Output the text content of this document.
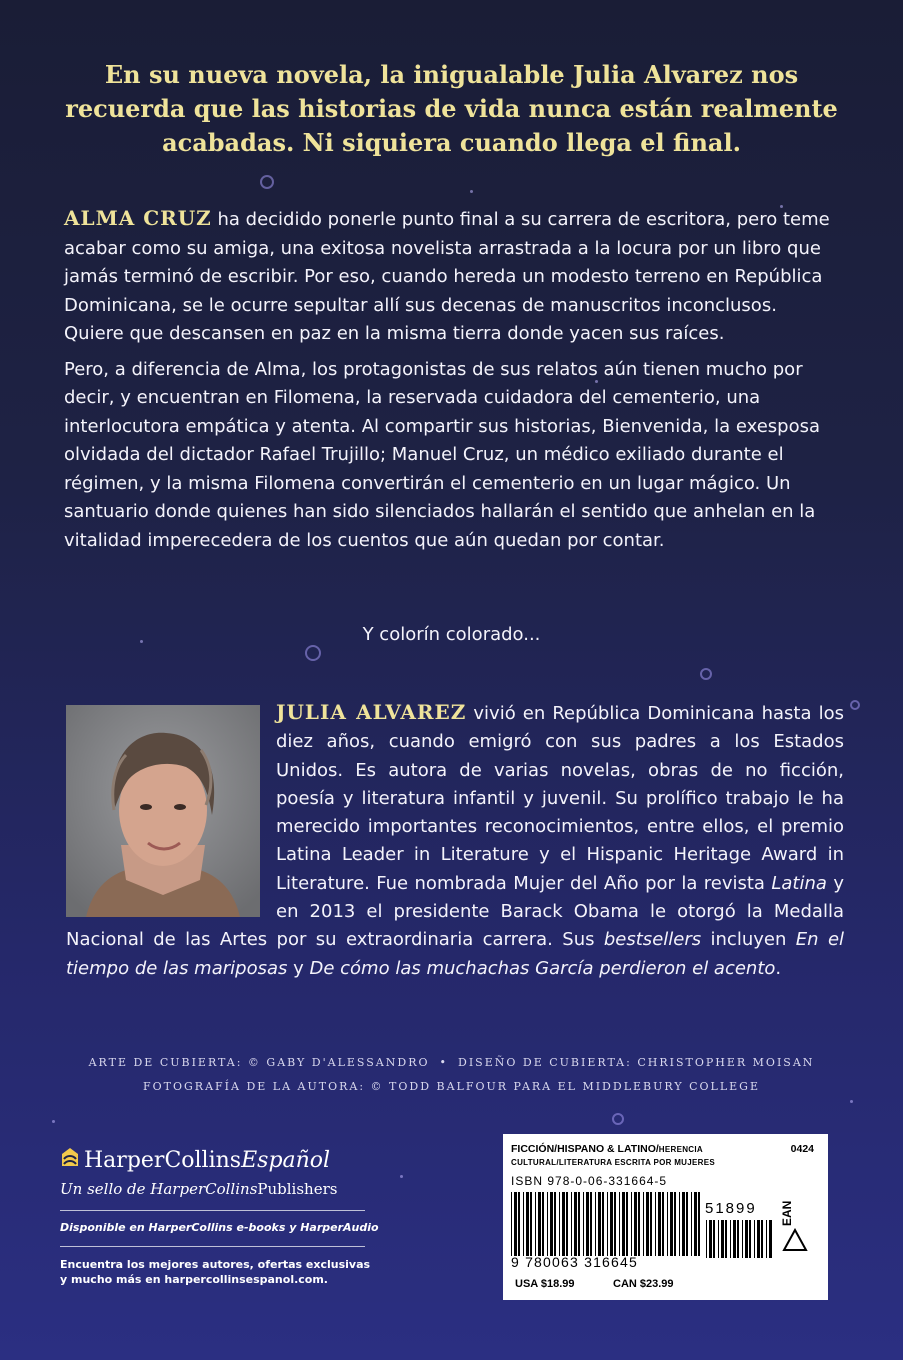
En su nueva novela, la inigualable Julia Alvarez nos recuerda que las historias de vida nunca están realmente acabadas. Ni siquiera cuando llega el final.

ALMA CRUZ ha decidido ponerle punto final a su carrera de escritora, pero teme acabar como su amiga, una exitosa novelista arrastrada a la locura por un libro que jamás terminó de escribir. Por eso, cuando hereda un modesto terreno en República Dominicana, se le ocurre sepultar allí sus decenas de manuscritos inconclusos. Quiere que descansen en paz en la misma tierra donde yacen sus raíces.

Pero, a diferencia de Alma, los protagonistas de sus relatos aún tienen mucho por decir, y encuentran en Filomena, la reservada cuidadora del cementerio, una interlocutora empática y atenta. Al compartir sus historias, Bienvenida, la exesposa olvidada del dictador Rafael Trujillo; Manuel Cruz, un médico exiliado durante el régimen, y la misma Filomena convertirán el cementerio en un lugar mágico. Un santuario donde quienes han sido silenciados hallarán el sentido que anhelan en la vitalidad imperecedera de los cuentos que aún quedan por contar.

Y colorín colorado...
JULIA ALVAREZ vivió en República Dominicana hasta los diez años, cuando emigró con sus padres a los Estados Unidos. Es autora de varias novelas, obras de no ficción, poesía y literatura infantil y juvenil. Su prolífico trabajo le ha merecido importantes reconocimientos, entre ellos, el premio Latina Leader in Literature y el Hispanic Heritage Award in Literature. Fue nombrada Mujer del Año por la revista Latina y en 2013 el presidente Barack Obama le otorgó la Medalla Nacional de las Artes por su extraordinaria carrera. Sus bestsellers incluyen En el tiempo de las mariposas y De cómo las muchachas García perdieron el acento.
ARTE DE CUBIERTA: © GABY D'ALESSANDRO • DISEÑO DE CUBIERTA: CHRISTOPHER MOISAN
FOTOGRAFÍA DE LA AUTORA: © TODD BALFOUR PARA EL MIDDLEBURY COLLEGE
HarperCollins Español
Un sello de HarperCollinsPublishers
Disponible en HarperCollins e-books y HarperAudio
Encuentra los mejores autores, ofertas exclusivas
y mucho más en harpercollinsespanol.com.
FICCIÓN/HISPANO & LATINO/HERENCIA
CULTURAL/LITERATURA ESCRITA POR MUJERES
0424
ISBN 978-0-06-331664-5
51899
9 780063 316645
USA $18.99	CAN $23.99
EAN
